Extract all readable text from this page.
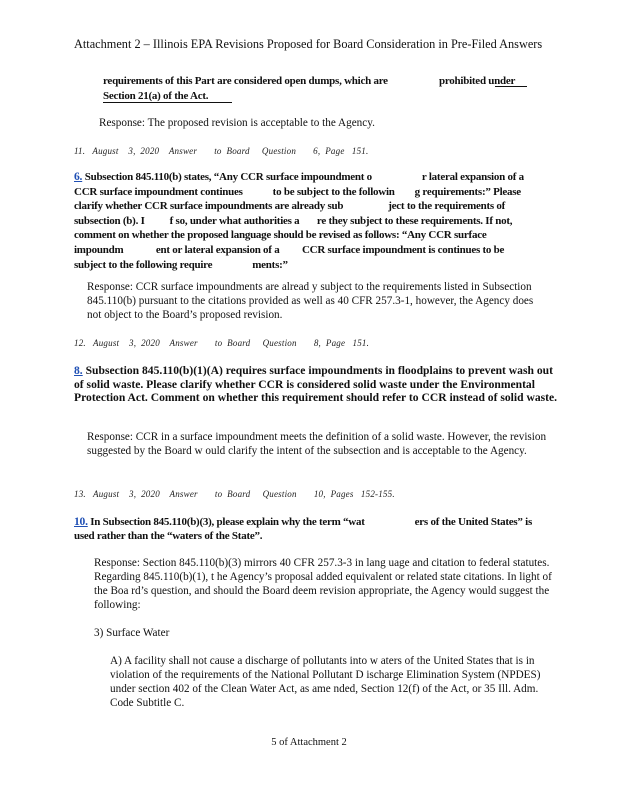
Attachment 2 – Illinois EPA Revisions Proposed for Board Consideration in Pre-Filed Answers
requirements of this Part are considered open dumps, which are	prohibited under
Section 21(a) of the Act.

Response: The proposed revision is acceptable to the Agency.

11.   August    3,  2020    Answer       to  Board     Question       6,  Page   151.
6. Subsection 845.110(b) states, “Any CCR surface impoundment o                    r lateral expansion of a CCR surface impoundment continues            to be subject to the followin        g requirements:” Please clarify whether CCR surface impoundments are already sub                  ject to the requirements of subsection (b). I          f so, under what authorities a       re they subject to these requirements. If not, comment on whether the proposed language should be revised as follows: “Any CCR surface impoundm             ent or lateral expansion of a         CCR surface impoundment is continues to be subject to the following require                ments:”

Response: CCR surface impoundments are alread y subject to the requirements listed in Subsection 845.110(b) pursuant to the citations provided as well as 40 CFR 257.3-1, however, the Agency does not object to the Board’s proposed revision.

12.   August    3,  2020    Answer       to  Board     Question       8,  Page   151.
8. Subsection 845.110(b)(1)(A) requires surface impoundments in floodplains to prevent wash out of solid waste. Please clarify whether CCR is considered solid waste under the Environmental Protection Act. Comment on whether this requirement should refer to CCR instead of solid waste.

Response: CCR in a surface impoundment meets the definition of a solid waste. However, the revision suggested by the Board w ould clarify the intent of the subsection and is acceptable to the Agency.

13.   August    3,  2020    Answer       to  Board     Question       10,  Pages   152-155.
10. In Subsection 845.110(b)(3), please explain why the term “wat                    ers of the United States” is used rather than the “waters of the State”.

Response: Section 845.110(b)(3) mirrors 40 CFR 257.3-3 in lang uage and citation to federal statutes. Regarding 845.110(b)(1), t he Agency’s proposal added equivalent or related state citations. In light of the Boa rd’s question, and should the Board deem revision appropriate, the Agency would suggest the following:

3) Surface Water

A) A facility shall not cause a discharge of pollutants into w aters of the United States that is in violation of the requirements of the National Pollutant D ischarge Elimination System (NPDES) under section 402 of the Clean Water Act, as ame nded, Section 12(f) of the Act, or 35 Ill. Adm. Code Subtitle C.

5 of Attachment 2
